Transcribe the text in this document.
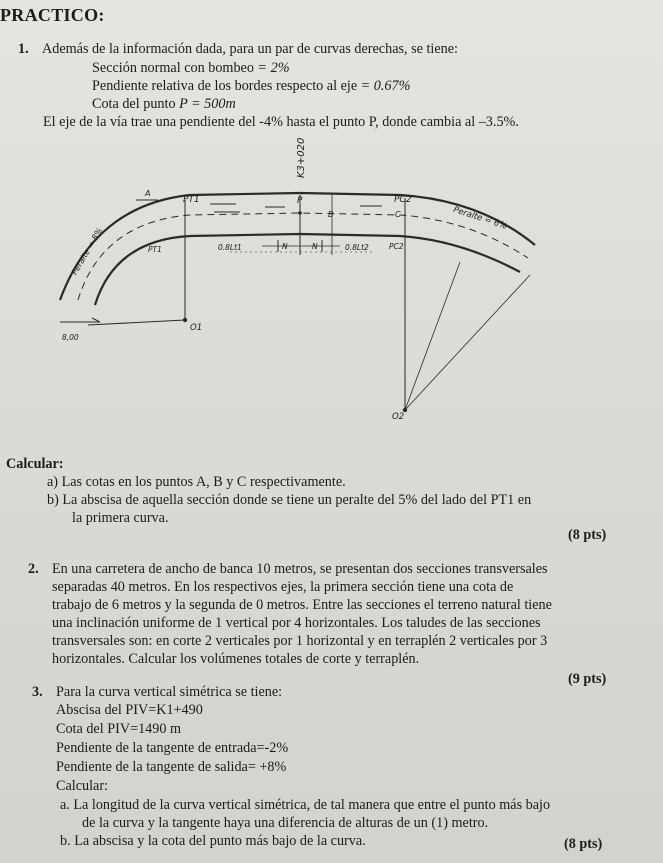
PRACTICO:
1. Además de la información dada, para un par de curvas derechas, se tiene:
Sección normal con bombeo = 2%
Pendiente relativa de los bordes respecto al eje = 0.67%
Cota del punto P = 500m
El eje de la vía trae una pendiente del -4% hasta el punto P, donde cambia al –3.5%.
K3+020
PT1	P	PC2
A
B	C
Peralte = 8%
Peralte = 6%
PT1	0.8Lt1	N	N	0.8Lt2	PC2
8,00
O1
O2
Calcular:
a) Las cotas en los puntos A, B y C respectivamente.
b) La abscisa de aquella sección donde se tiene un peralte del 5% del lado del PT1 en
la primera curva.
(8 pts)
2. En una carretera de ancho de banca 10 metros, se presentan dos secciones transversales
separadas 40 metros. En los respectivos ejes, la primera sección tiene una cota de
trabajo de 6 metros y la segunda de 0 metros. Entre las secciones el terreno natural tiene
una inclinación uniforme de 1 vertical por 4 horizontales. Los taludes de las secciones
transversales son: en corte 2 verticales por 1 horizontal y en terraplén 2 verticales por 3
horizontales. Calcular los volúmenes totales de corte y terraplén.
(9 pts)
3. Para la curva vertical simétrica se tiene:
Abscisa del PIV=K1+490
Cota del PIV=1490 m
Pendiente de la tangente de entrada=-2%
Pendiente de la tangente de salida= +8%
Calcular:
a. La longitud de la curva vertical simétrica, de tal manera que entre el punto más bajo
de la curva y la tangente haya una diferencia de alturas de un (1) metro.
b. La abscisa y la cota del punto más bajo de la curva.	(8 pts)
